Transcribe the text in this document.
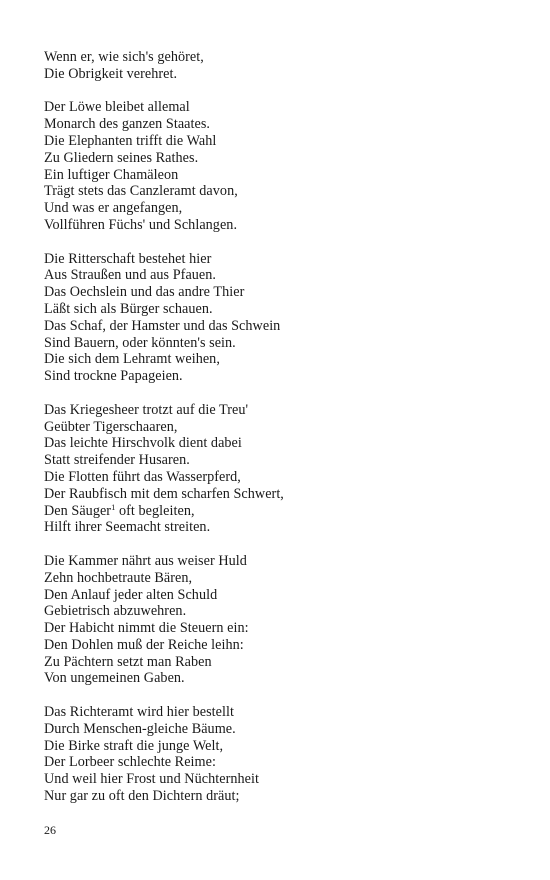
Wenn er, wie sich's gehöret,
Die Obrigkeit verehret.
Der Löwe bleibet allemal
Monarch des ganzen Staates.
Die Elephanten trifft die Wahl
Zu Gliedern seines Rathes.
Ein luftiger Chamäleon
Trägt stets das Canzleramt davon,
Und was er angefangen,
Vollführen Füchs' und Schlangen.
Die Ritterschaft bestehet hier
Aus Straußen und aus Pfauen.
Das Oechslein und das andre Thier
Läßt sich als Bürger schauen.
Das Schaf, der Hamster und das Schwein
Sind Bauern, oder könnten's sein.
Die sich dem Lehramt weihen,
Sind trockne Papageien.
Das Kriegesheer trotzt auf die Treu'
Geübter Tigerschaaren,
Das leichte Hirschvolk dient dabei
Statt streifender Husaren.
Die Flotten führt das Wasserpferd,
Der Raubfisch mit dem scharfen Schwert,
Den Säuger$^1$ oft begleiten,
Hilft ihrer Seemacht streiten.
Die Kammer nährt aus weiser Huld
Zehn hochbetraute Bären,
Den Anlauf jeder alten Schuld
Gebietrisch abzuwehren.
Der Habicht nimmt die Steuern ein:
Den Dohlen muß der Reiche leihn:
Zu Pächtern setzt man Raben
Von ungemeinen Gaben.
Das Richteramt wird hier bestellt
Durch Menschen-gleiche Bäume.
Die Birke straft die junge Welt,
Der Lorbeer schlechte Reime:
Und weil hier Frost und Nüchternheit
Nur gar zu oft den Dichtern dräut;
26
